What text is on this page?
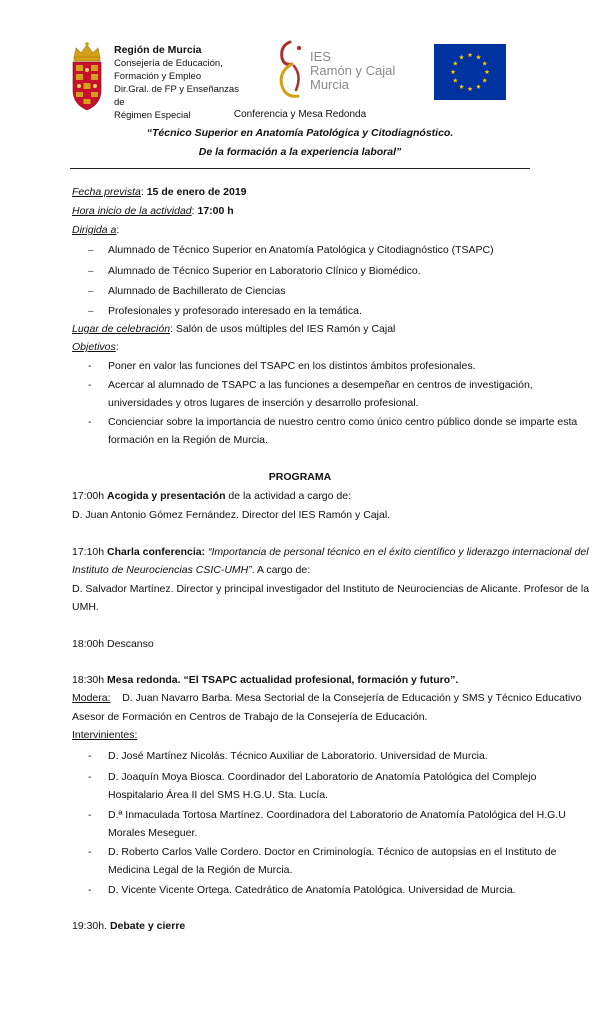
Región de Murcia
Consejería de Educación,
Formación y Empleo
Dir.Gral. de FP y Enseñanzas de
Régimen Especial
IES
Ramón y Cajal
Murcia
Conferencia y Mesa Redonda
“Técnico Superior en Anatomía Patológica y Citodiagnóstico.
De la formación a la experiencia laboral”
Fecha prevista: 15 de enero de 2019
Hora inicio de la actividad: 17:00 h
Dirigida a:
– Alumnado de Técnico Superior en Anatomía Patológica y Citodiagnóstico (TSAPC)
– Alumnado de Técnico Superior en Laboratorio Clínico y Biomédico.
– Alumnado de Bachillerato de Ciencias
– Profesionales y profesorado interesado en la temática.
Lugar de celebración: Salón de usos múltiples del IES Ramón y Cajal
Objetivos:
- Poner en valor las funciones del TSAPC en los distintos ámbitos profesionales.
- Acercar al alumnado de TSAPC a las funciones a desempeñar en centros de investigación,
universidades y otros lugares de inserción y desarrollo profesional.
- Concienciar sobre la importancia de nuestro centro como único centro público donde se imparte esta
formación en la Región de Murcia.
PROGRAMA
17:00h Acogida y presentación de la actividad a cargo de:
D. Juan Antonio Gómez Fernández. Director del IES Ramón y Cajal.
17:10h Charla conferencia: “Importancia de personal técnico en el éxito científico y liderazgo internacional del
Instituto de Neurociencias CSIC-UMH”. A cargo de:
D. Salvador Martínez. Director y principal investigador del Instituto de Neurociencias de Alicante. Profesor de la
UMH.
18:00h Descanso
18:30h Mesa redonda. “El TSAPC actualidad profesional, formación y futuro”.
Modera: D. Juan Navarro Barba. Mesa Sectorial de la Consejería de Educación y SMS y Técnico Educativo
Asesor de Formación en Centros de Trabajo de la Consejería de Educación.
Intervinientes:
- D. José Martínez Nicolás. Técnico Auxiliar de Laboratorio. Universidad de Murcia.
- D. Joaquín Moya Biosca. Coordinador del Laboratorio de Anatomía Patológica del Complejo
Hospitalario Área II del SMS H.G.U. Sta. Lucía.
- D.ª Inmaculada Tortosa Martínez. Coordinadora del Laboratorio de Anatomía Patológica del H.G.U
Morales Meseguer.
- D. Roberto Carlos Valle Cordero. Doctor en Criminología. Técnico de autopsias en el Instituto de
Medicina Legal de la Región de Murcia.
- D. Vicente Vicente Ortega. Catedrático de Anatomía Patológica. Universidad de Murcia.
19:30h. Debate y cierre
